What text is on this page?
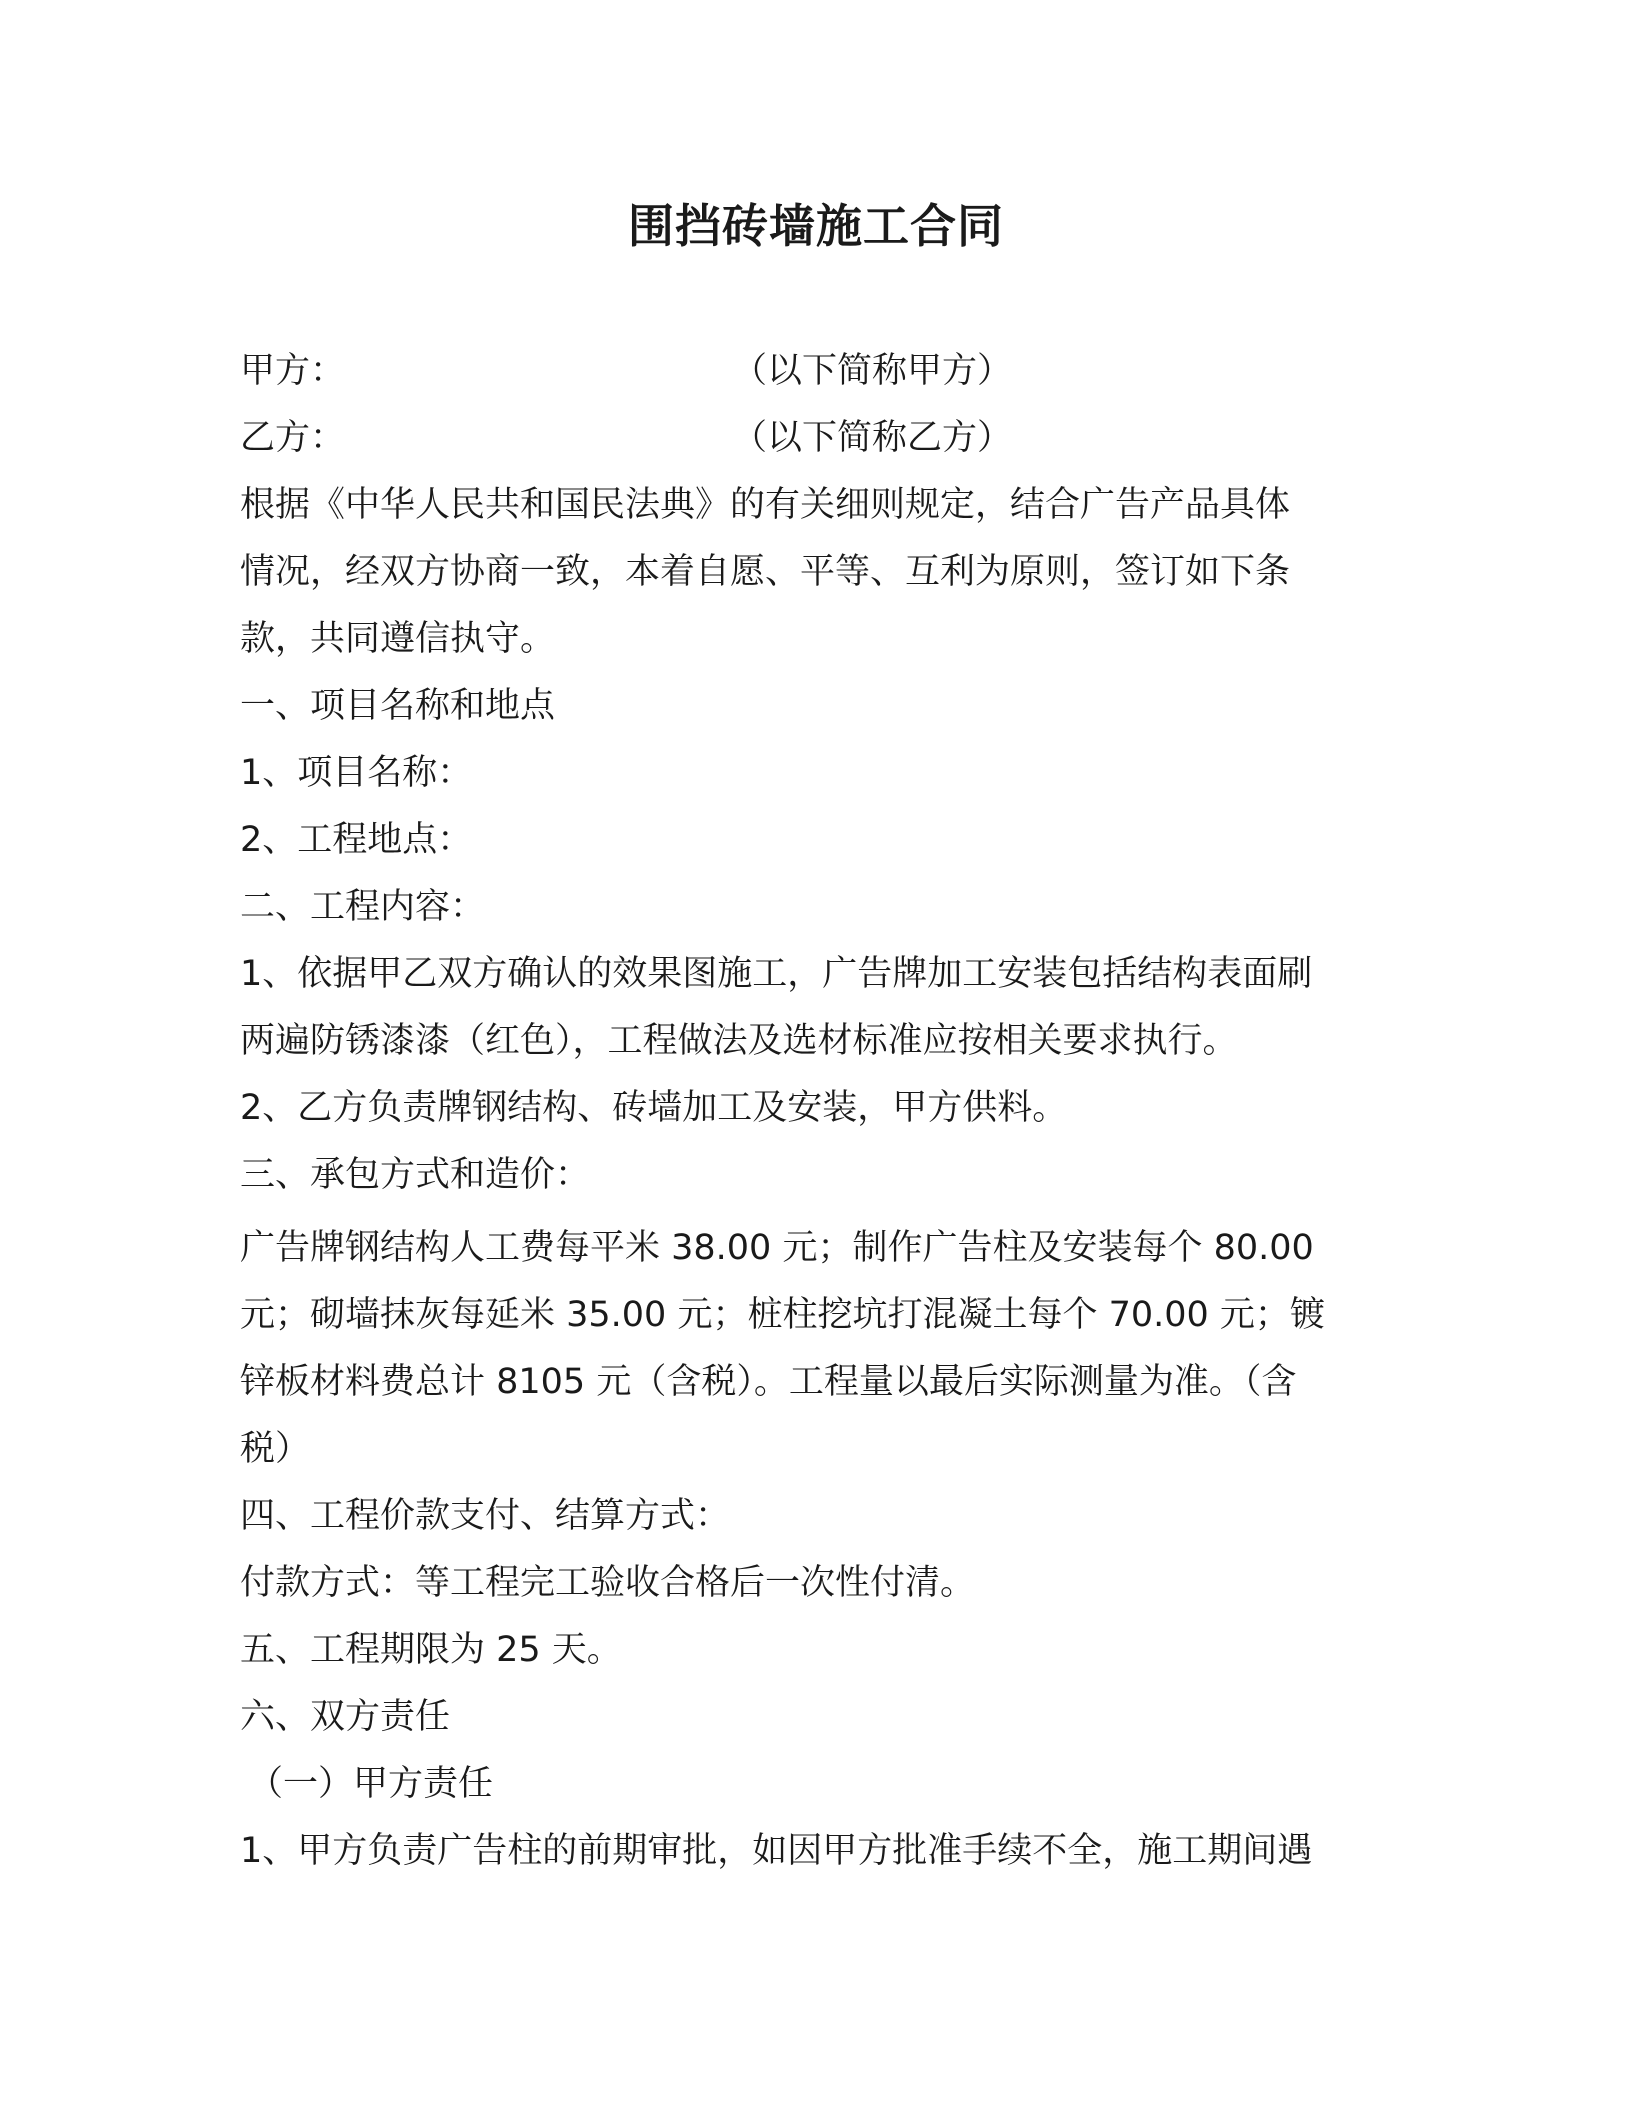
围挡砖墙施工合同
甲方：	（以下简称甲方）
乙方：	（以下简称乙方）
根据《中华人民共和国民法典》的有关细则规定，结合广告产品具体
情况，经双方协商一致，本着自愿、平等、互利为原则，签订如下条
款，共同遵信执守。
一、项目名称和地点
1、项目名称：
2、工程地点：
二、工程内容：
1、依据甲乙双方确认的效果图施工，广告牌加工安装包括结构表面刷
两遍防锈漆漆（红色），工程做法及选材标准应按相关要求执行。
2、乙方负责牌钢结构、砖墙加工及安装，甲方供料。
三、承包方式和造价：
广告牌钢结构人工费每平米 38.00 元；制作广告柱及安装每个 80.00
元；砌墙抹灰每延米 35.00 元；桩柱挖坑打混凝土每个 70.00 元；镀
锌板材料费总计 8105 元（含税）。工程量以最后实际测量为准。（含
税）
四、工程价款支付、结算方式：
付款方式：等工程完工验收合格后一次性付清。
五、工程期限为 25 天。
六、双方责任
（一）甲方责任
1、甲方负责广告柱的前期审批，如因甲方批准手续不全，施工期间遇
